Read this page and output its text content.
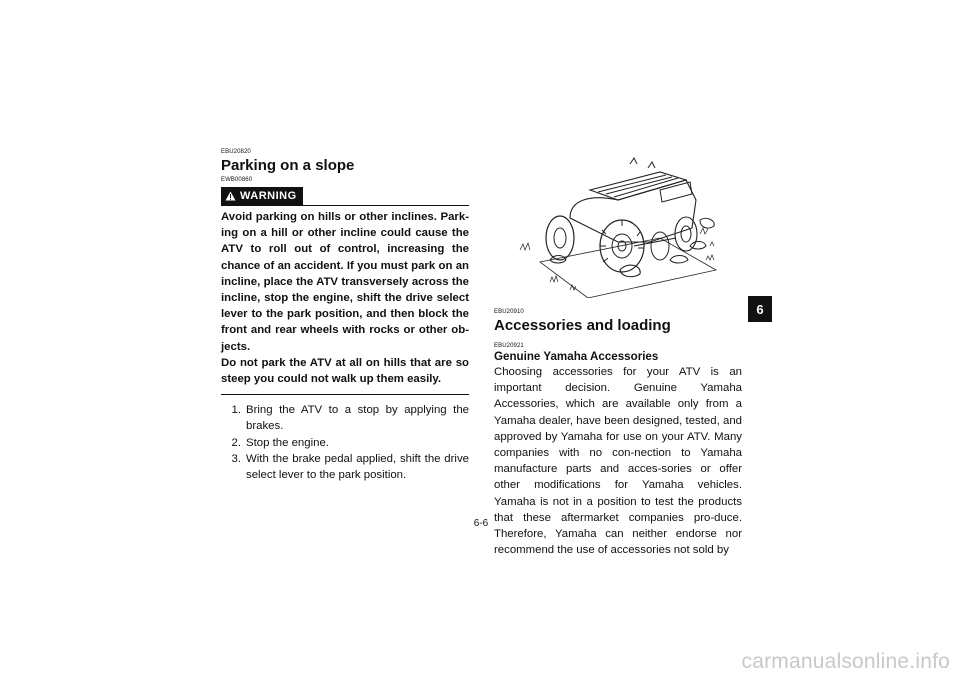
EBU20820

Parking on a slope

EWB00860

WARNING

Avoid parking on hills or other inclines. Park-ing on a hill or other incline could cause the ATV to roll out of control, increasing the chance of an accident. If you must park on an incline, place the ATV transversely across the incline, stop the engine, shift the drive select lever to the park position, and then block the front and rear wheels with rocks or other ob-jects.

Do not park the ATV at all on hills that are so steep you could not walk up them easily.

1. Bring the ATV to a stop by applying the brakes.
2. Stop the engine.
3. With the brake pedal applied, shift the drive select lever to the park position.

EBU20910

Accessories and loading

EBU20921

Genuine Yamaha Accessories

Choosing accessories for your ATV is an important decision. Genuine Yamaha Accessories, which are available only from a Yamaha dealer, have been designed, tested, and approved by Yamaha for use on your ATV. Many companies with no con-nection to Yamaha manufacture parts and acces-sories or offer other modifications for Yamaha vehicles. Yamaha is not in a position to test the products that these aftermarket companies pro-duce. Therefore, Yamaha can neither endorse nor recommend the use of accessories not sold by

6
6-6
carmanualsonline.info
